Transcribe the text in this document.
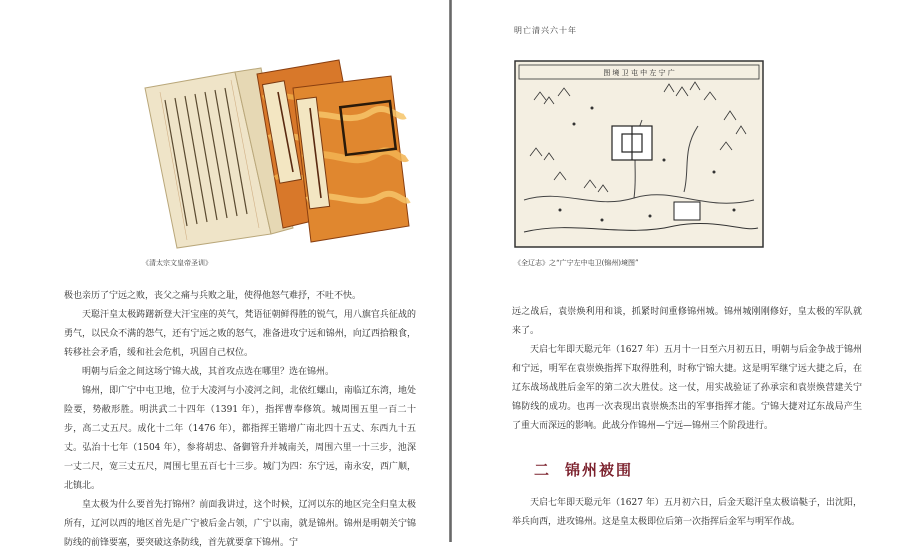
《清太宗文皇帝圣训》

极也亲历了宁远之败，丧父之痛与兵败之耻，使得他怒气难抒，不吐不快。

天聪汗皇太极踌躇新登大汗宝座的英气，梵语征朝鲜得胜的锐气，用八旗官兵征战的勇气，以民众不满的怨气，还有宁远之败的怒气，准备进攻宁远和锦州，向辽西拾粮食，转移社会矛盾，缓和社会危机，巩固自己权位。

明朝与后金之间这场宁锦大战，其首攻点选在哪里？选在锦州。

锦州，即广宁中屯卫地，位于大凌河与小凌河之间，北依红螺山，南临辽东湾，地处险要，势敝形胜。明洪武二十四年（1391 年），指挥曹奉修筑。城周围五里一百二十步，高二丈五尺。成化十二年（1476 年），都指挥王锴增广南北四十五丈、东西九十五丈。弘治十七年（1504 年），参将胡忠、备御管升并城南关，周围六里一十三步，池深一丈二尺，宽三丈五尺，周围七里五百七十三步。城门为四：东宁远，南永安，西广顺，北镇北。

皇太极为什么要首先打锦州？前面我讲过，这个时候，辽河以东的地区完全归皇太极所有，辽河以西的地区首先是广宁被后金占领，广宁以南，就是锦州。锦州是明朝关宁锦防线的前锋要塞，要突破这条防线，首先就要拿下锦州。宁

明亡清兴六十年
图 境 卫 屯 中 左 宁 广
《全辽志》之“广宁左中屯卫(锦州)境图”

远之战后，袁崇焕利用和谈，抓紧时间重修锦州城。锦州城刚刚修好，皇太极的军队就来了。

天启七年即天聪元年（1627 年）五月十一日至六月初五日，明朝与后金争战于锦州和宁远，明军在袁崇焕指挥下取得胜利，时称宁锦大捷。这是明军继宁远大捷之后，在辽东战场战胜后金军的第二次大胜仗。这一仗，用实战验证了孙承宗和袁崇焕营建关宁锦防线的成功。也再一次表现出袁崇焕杰出的军事指挥才能。宁锦大捷对辽东战局产生了重大而深远的影响。此战分作锦州—宁远—锦州三个阶段进行。

二 锦州被围

天启七年即天聪元年（1627 年）五月初六日，后金天聪汗皇太极谙鞑子，出沈阳，举兵向西，进攻锦州。这是皇太极即位后第一次指挥后金军与明军作战。
